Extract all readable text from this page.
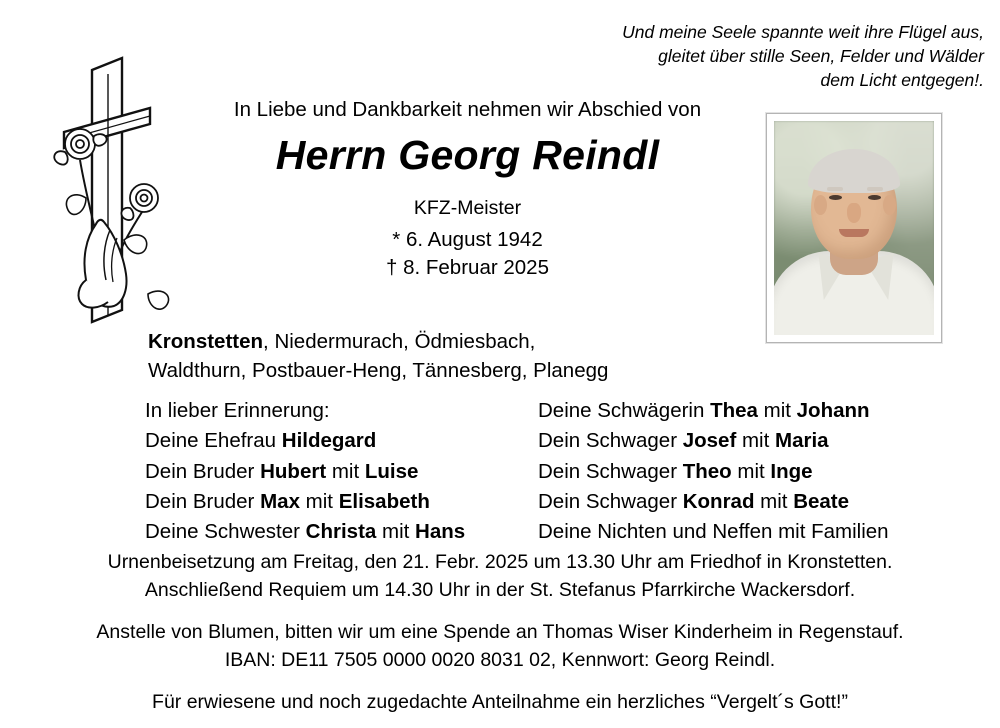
Und meine Seele spannte weit ihre Flügel aus,
gleitet über stille Seen, Felder und Wälder
dem Licht entgegen!.
In Liebe und Dankbarkeit nehmen wir Abschied von
Herrn Georg Reindl
KFZ-Meister
* 6. August 1942
† 8. Februar 2025
Kronstetten, Niedermurach, Ödmiesbach,
Waldthurn, Postbauer-Heng, Tännesberg, Planegg
In lieber Erinnerung:
Deine Ehefrau Hildegard
Dein Bruder Hubert mit Luise
Dein Bruder Max mit Elisabeth
Deine Schwester Christa mit Hans
Deine Schwägerin Thea mit Johann
Dein Schwager Josef mit Maria
Dein Schwager Theo mit Inge
Dein Schwager Konrad mit Beate
Deine Nichten und Neffen mit Familien
Urnenbeisetzung am Freitag, den 21. Febr. 2025 um 13.30 Uhr am Friedhof in Kronstetten.
Anschließend Requiem um 14.30 Uhr in der St. Stefanus Pfarrkirche Wackersdorf.
Anstelle von Blumen, bitten wir um eine Spende an Thomas Wiser Kinderheim in Regenstauf.
IBAN: DE11 7505 0000 0020 8031 02, Kennwort: Georg Reindl.
Für erwiesene und noch zugedachte Anteilnahme ein herzliches “Vergelt´s Gott!”
